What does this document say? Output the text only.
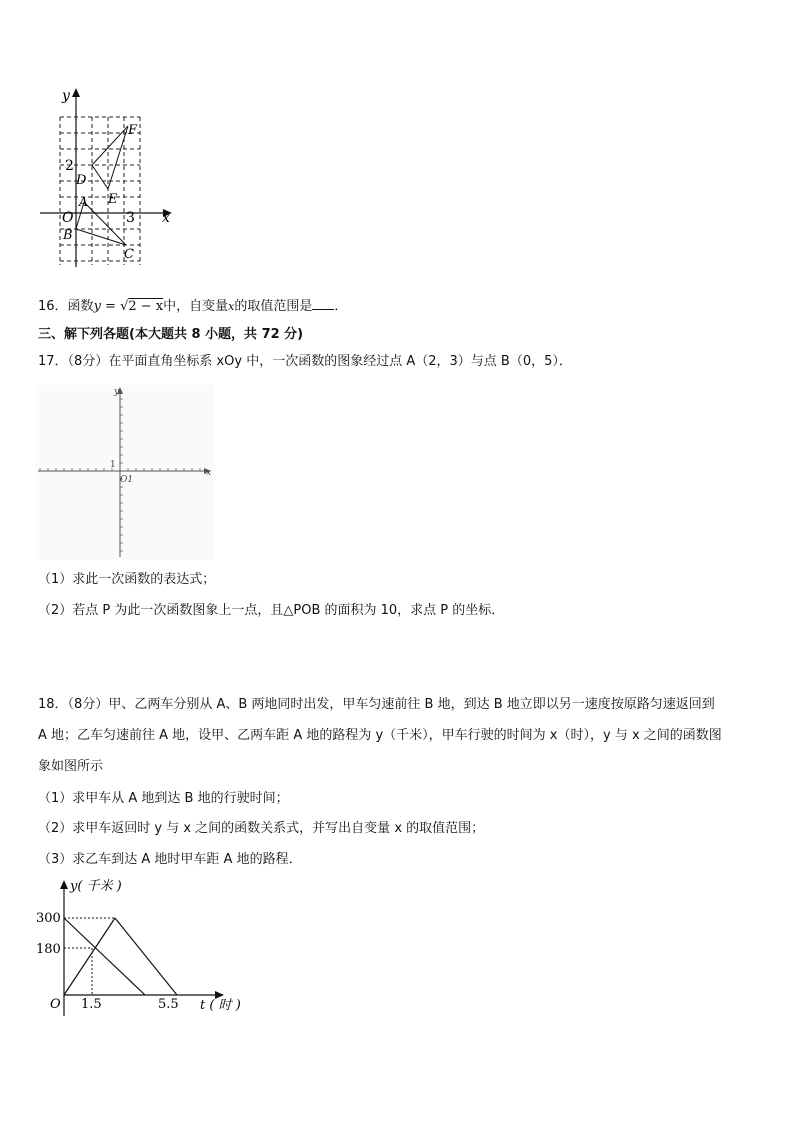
y
x
2
3
O
A
B
C
D
E
F
16．函数y = √2 − x中，自变量x的取值范围是 ．
三、解下列各题(本大题共 8 小题，共 72 分)
17．（8分）在平面直角坐标系 xOy 中，一次函数的图象经过点 A（2，3）与点 B（0，5）．
x
y
1
O1
（1）求此一次函数的表达式；
（2）若点 P 为此一次函数图象上一点，且△POB 的面积为 10，求点 P 的坐标．
18．（8分）甲、乙两车分别从 A、B 两地同时出发，甲车匀速前往 B 地，到达 B 地立即以另一速度按原路匀速返回到
A 地；乙车匀速前往 A 地，设甲、乙两车距 A 地的路程为 y（千米），甲车行驶的时间为 x（时），y 与 x 之间的函数图
象如图所示
（1）求甲车从 A 地到达 B 地的行驶时间；
（2）求甲车返回时 y 与 x 之间的函数关系式，并写出自变量 x 的取值范围；
（3）求乙车到达 A 地时甲车距 A 地的路程．
y( 千米 )
300
180
O 1.5	5.5 t ( 时 )
